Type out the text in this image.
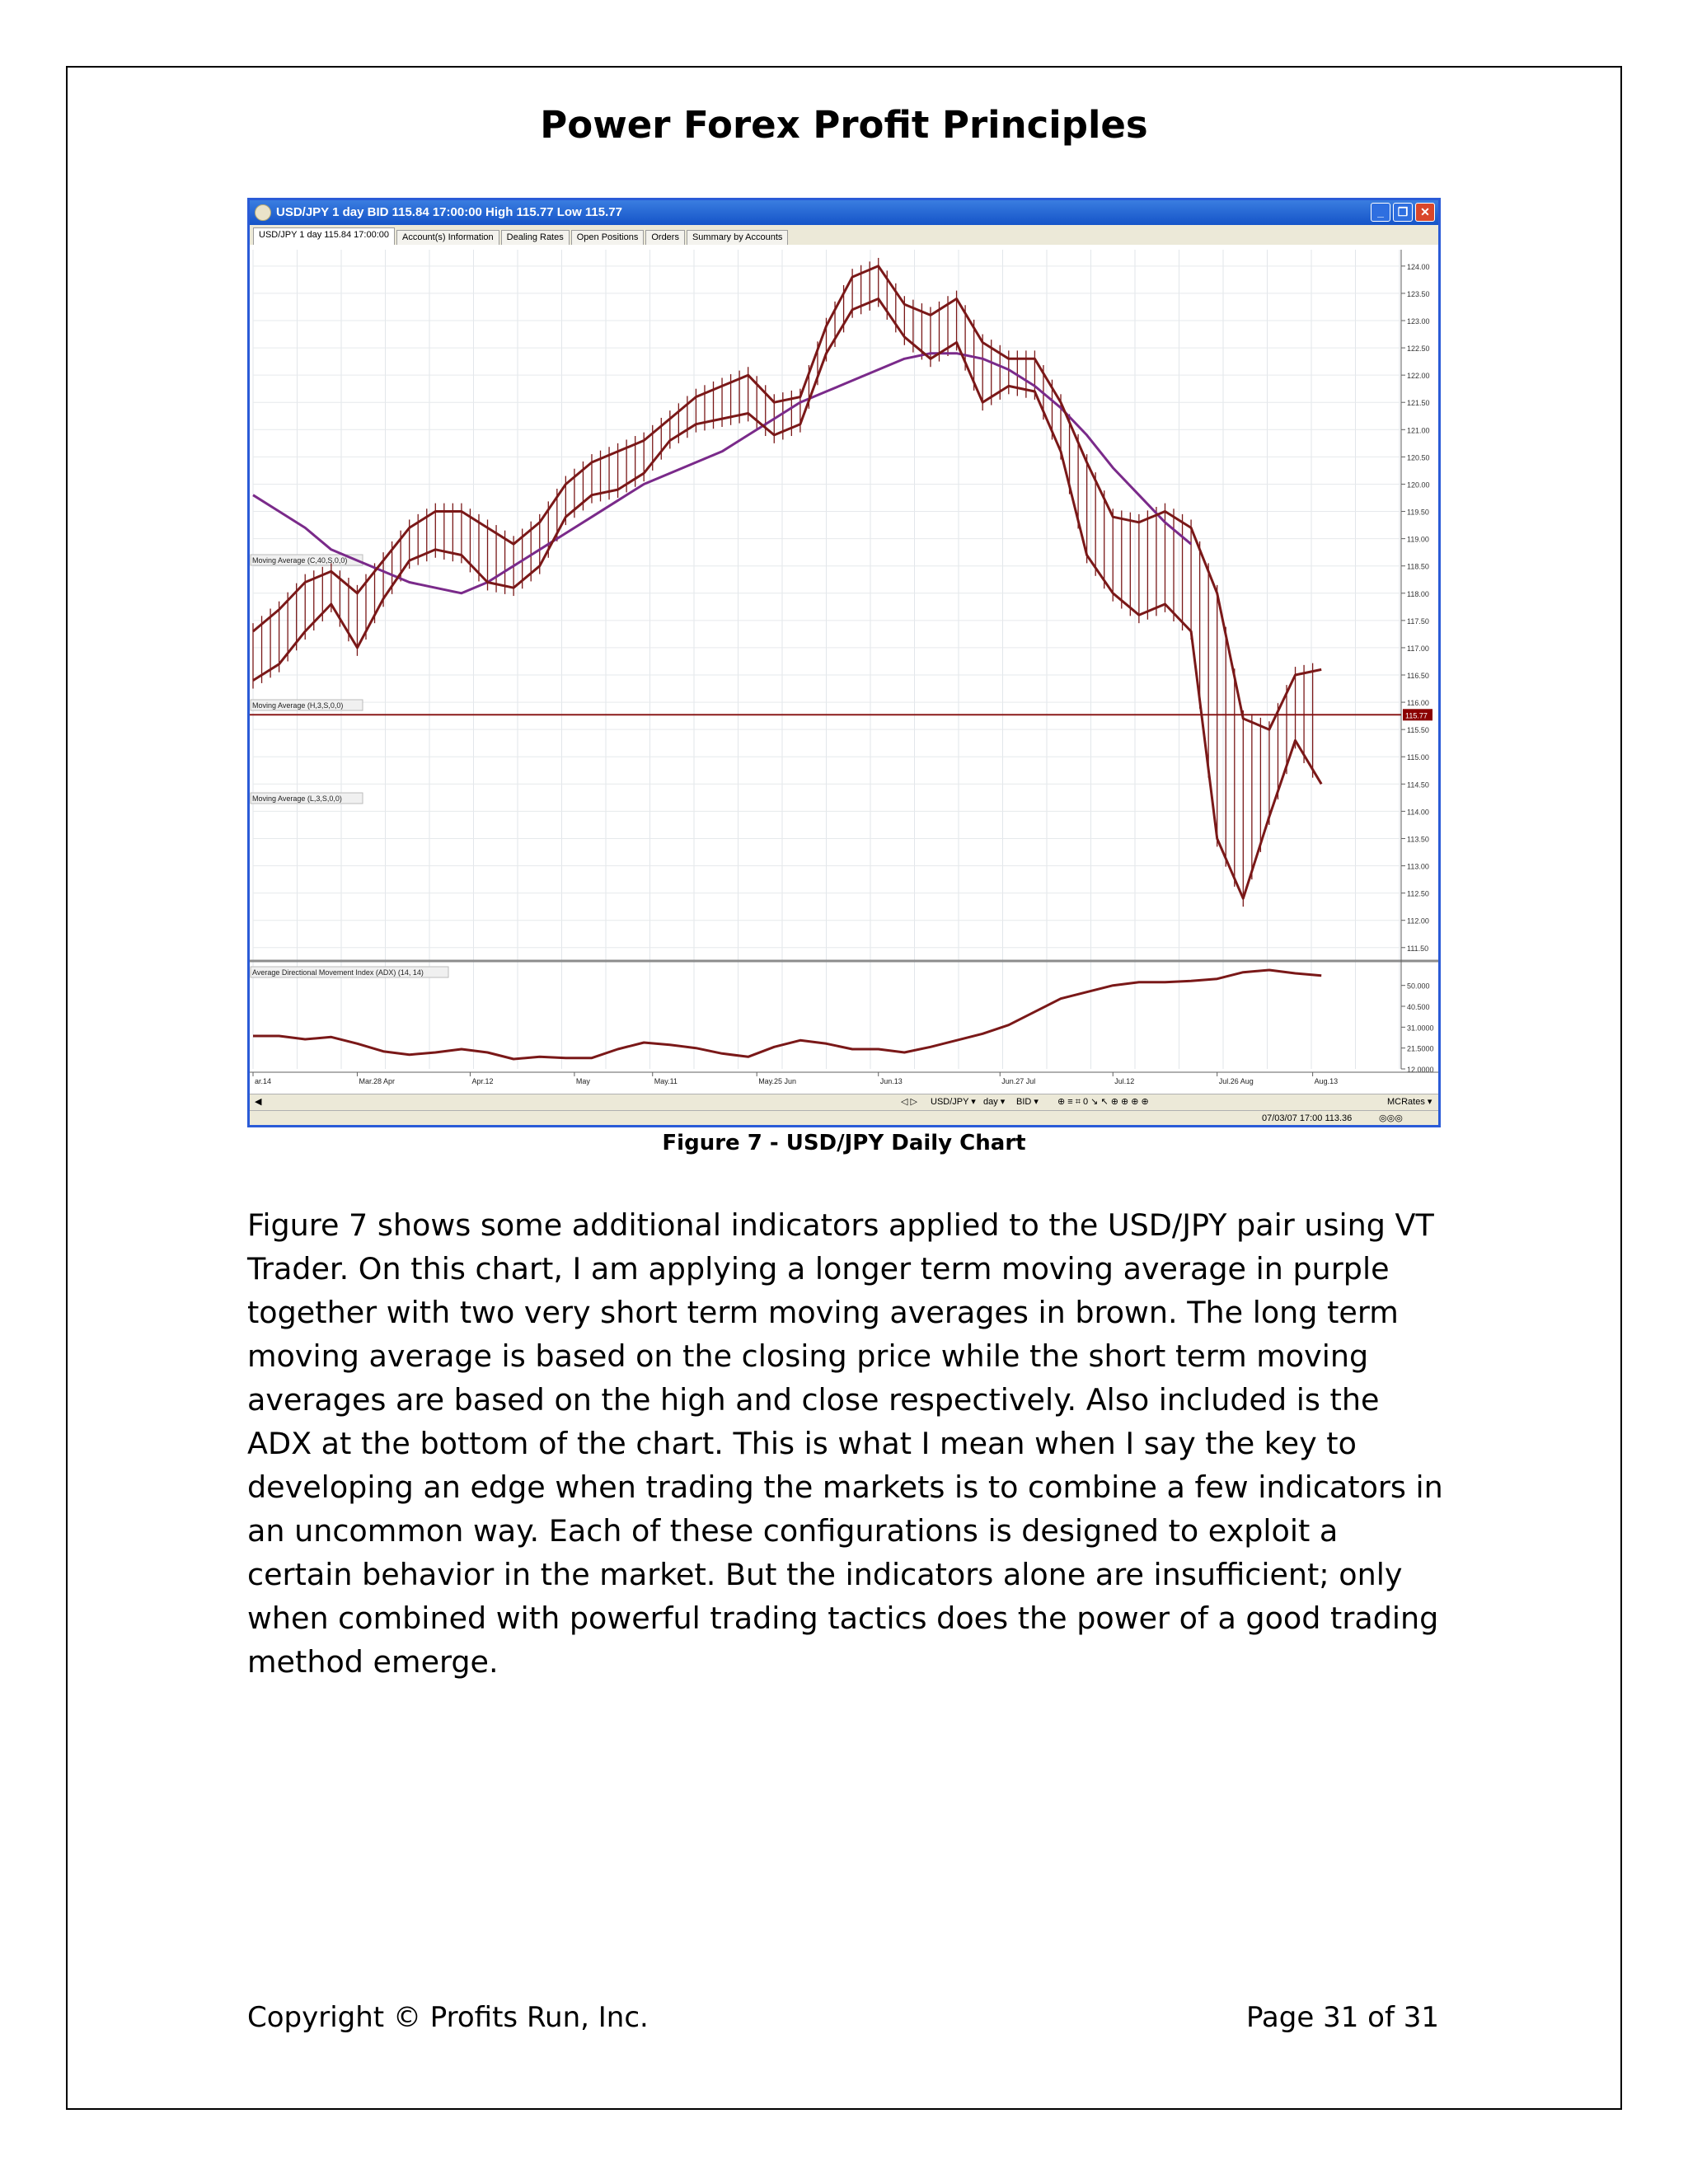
Power Forex Profit Principles
USD/JPY 1 day BID 115.84 17:00:00 High 115.77 Low 115.77	_	❐	✕
USD/JPY 1 day 115.84 17:00:00	Account(s) Information	Dealing Rates	Open Positions	Orders	Summary by Accounts
124.00
123.50
123.00
122.50
122.00
121.50
121.00
120.50
120.00
119.50
119.00
118.50
118.00
117.50
117.00
116.50
116.00
115.50
115.00
114.50
114.00
113.50
113.00
112.50
112.00
111.50
50.000
40.500
31.0000
21.5000
12.0000
115.77
Moving Average (C,40,S,0,0)
Moving Average (H,3,S,0,0)
Moving Average (L,3,S,0,0)
Average Directional Movement Index (ADX) (14, 14)
ar.14	Mar.28 Apr	Apr.12	May	May.11	May.25 Jun	Jun.13	Jun.27 Jul	Jul.12	Jul.26 Aug	Aug.13
◀	◁ ▷ USD/JPY ▾ day ▾ BID ▾ ⊕ ≡ ⌗ 0 ↘ ↖ ⊕ ⊕ ⊕ ⊕	MCRates ▾
07/03/07 17:00 113.36	◎◎◎
Figure 7 - USD/JPY Daily Chart
Figure 7 shows some additional indicators applied to the USD/JPY pair using VT Trader. On this chart, I am applying a longer term moving average in purple together with two very short term moving averages in brown. The long term moving average is based on the closing price while the short term moving averages are based on the high and close respectively. Also included is the ADX at the bottom of the chart. This is what I mean when I say the key to developing an edge when trading the markets is to combine a few indicators in an uncommon way. Each of these configurations is designed to exploit a certain behavior in the market. But the indicators alone are insufficient; only when combined with powerful trading tactics does the power of a good trading method emerge.
Copyright © Profits Run, Inc.	Page 31 of 31
